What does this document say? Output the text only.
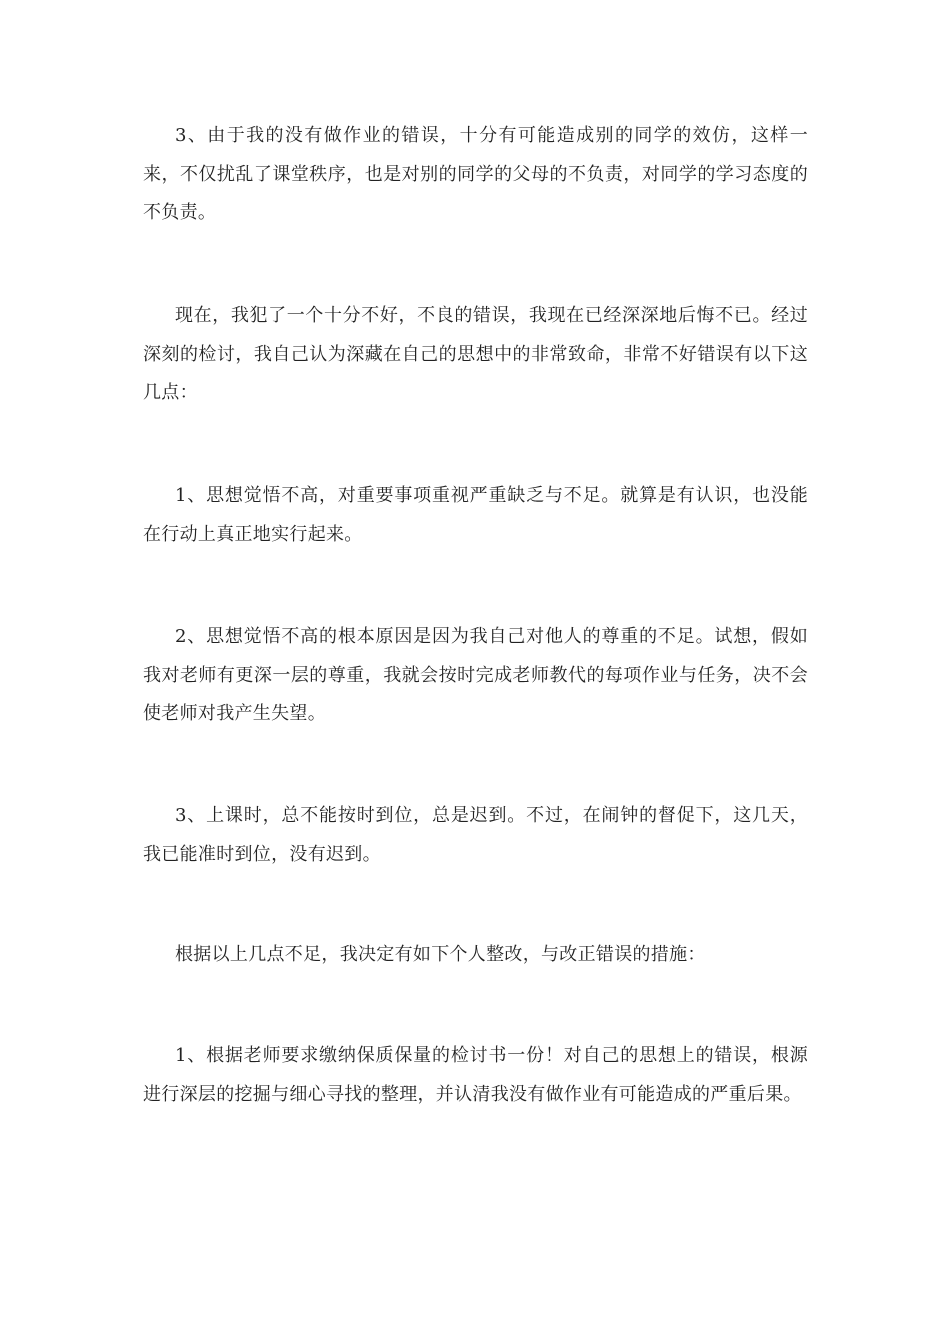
3、由于我的没有做作业的错误，十分有可能造成别的同学的效仿，这样一来，不仅扰乱了课堂秩序，也是对别的同学的父母的不负责，对同学的学习态度的不负责。

现在，我犯了一个十分不好，不良的错误，我现在已经深深地后悔不已。经过深刻的检讨，我自己认为深藏在自己的思想中的非常致命，非常不好错误有以下这几点：

1、思想觉悟不高，对重要事项重视严重缺乏与不足。就算是有认识，也没能在行动上真正地实行起来。

2、思想觉悟不高的根本原因是因为我自己对他人的尊重的不足。试想，假如我对老师有更深一层的尊重，我就会按时完成老师教代的每项作业与任务，决不会使老师对我产生失望。

3、上课时，总不能按时到位，总是迟到。不过，在闹钟的督促下，这几天，我已能准时到位，没有迟到。

根据以上几点不足，我决定有如下个人整改，与改正错误的措施：

1、根据老师要求缴纳保质保量的检讨书一份！对自己的思想上的错误，根源进行深层的挖掘与细心寻找的整理，并认清我没有做作业有可能造成的严重后果。
